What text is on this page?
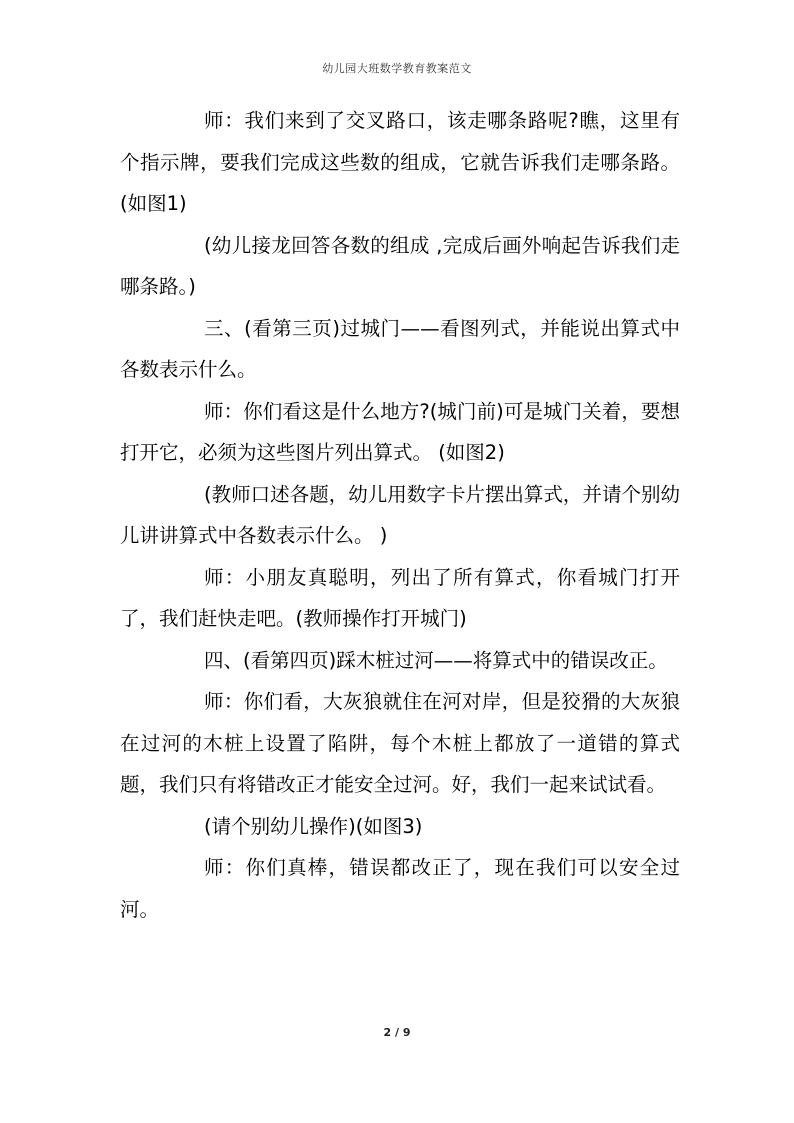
幼儿园大班数学教育教案范文

师：我们来到了交叉路口，该走哪条路呢?瞧，这里有个指示牌，要我们完成这些数的组成，它就告诉我们走哪条路。(如图1)

(幼儿接龙回答各数的组成 ,完成后画外响起告诉我们走哪条路。)

三、(看第三页)过城门——看图列式，并能说出算式中各数表示什么。

师：你们看这是什么地方?(城门前)可是城门关着，要想打开它，必须为这些图片列出算式。 (如图2)

(教师口述各题，幼儿用数字卡片摆出算式，并请个别幼儿讲讲算式中各数表示什么。 )

师：小朋友真聪明，列出了所有算式，你看城门打开了，我们赶快走吧。(教师操作打开城门)

四、(看第四页)踩木桩过河——将算式中的错误改正。

师：你们看，大灰狼就住在河对岸，但是狡猾的大灰狼在过河的木桩上设置了陷阱，每个木桩上都放了一道错的算式题，我们只有将错改正才能安全过河。好，我们一起来试试看。

(请个别幼儿操作)(如图3)

师：你们真棒，错误都改正了，现在我们可以安全过河。

2 / 9
